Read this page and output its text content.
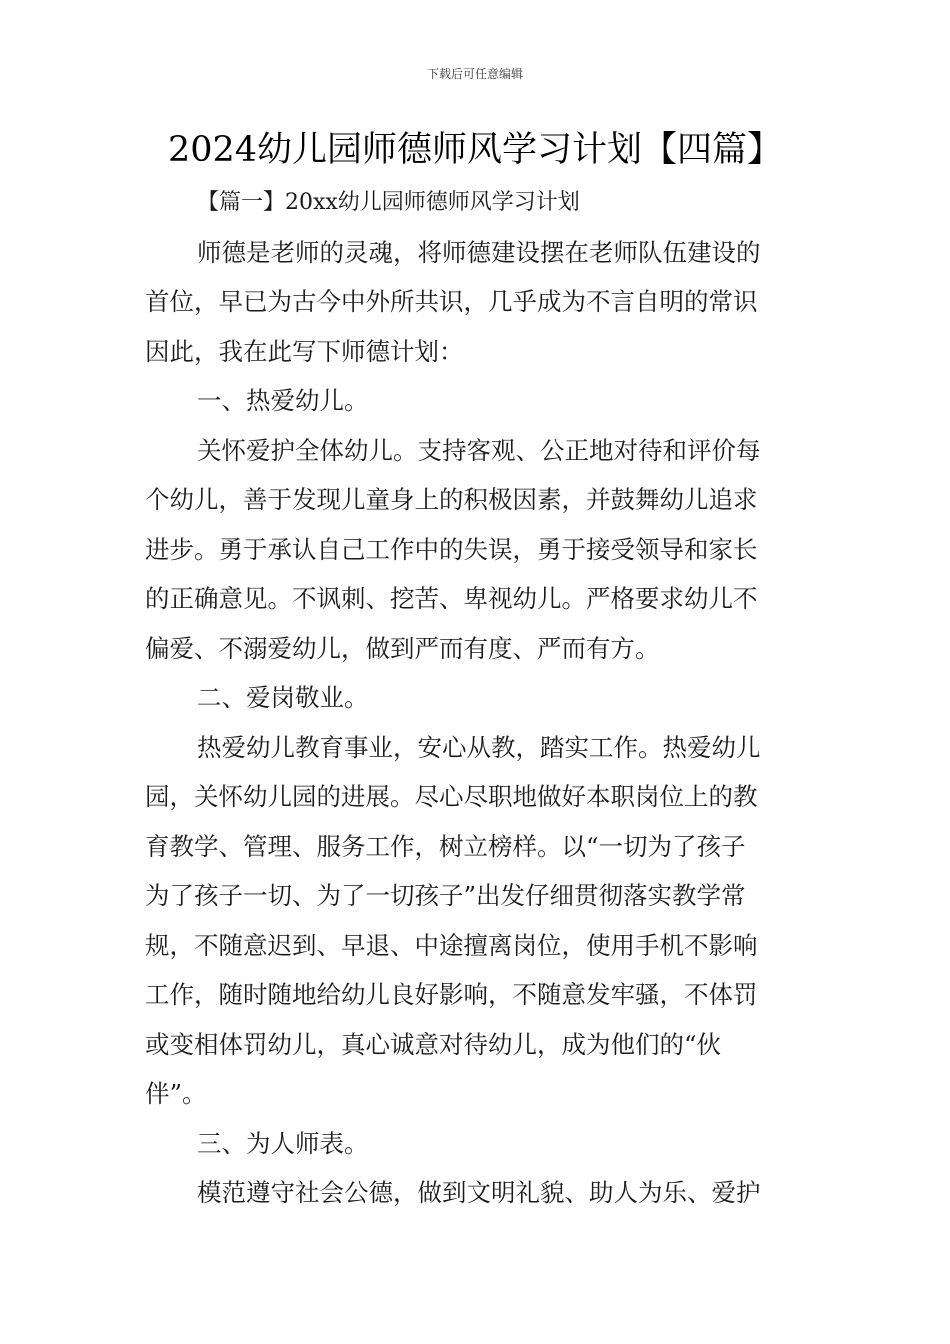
下载后可任意编辑
2024幼儿园师德师风学习计划【四篇】
【篇一】20xx幼儿园师德师风学习计划
师德是老师的灵魂，将师德建设摆在老师队伍建设的
首位，早已为古今中外所共识，几乎成为不言自明的常识
因此，我在此写下师德计划：
一、热爱幼儿。
关怀爱护全体幼儿。支持客观、公正地对待和评价每
个幼儿，善于发现儿童身上的积极因素，并鼓舞幼儿追求
进步。勇于承认自己工作中的失误，勇于接受领导和家长
的正确意见。不讽刺、挖苦、卑视幼儿。严格要求幼儿不
偏爱、不溺爱幼儿，做到严而有度、严而有方。
二、爱岗敬业。
热爱幼儿教育事业，安心从教，踏实工作。热爱幼儿
园，关怀幼儿园的进展。尽心尽职地做好本职岗位上的教
育教学、管理、服务工作，树立榜样。以“一切为了孩子
为了孩子一切、为了一切孩子”出发仔细贯彻落实教学常
规，不随意迟到、早退、中途擅离岗位，使用手机不影响
工作，随时随地给幼儿良好影响，不随意发牢骚，不体罚
或变相体罚幼儿，真心诚意对待幼儿，成为他们的“伙
伴”。
三、为人师表。
模范遵守社会公德，做到文明礼貌、助人为乐、爱护
